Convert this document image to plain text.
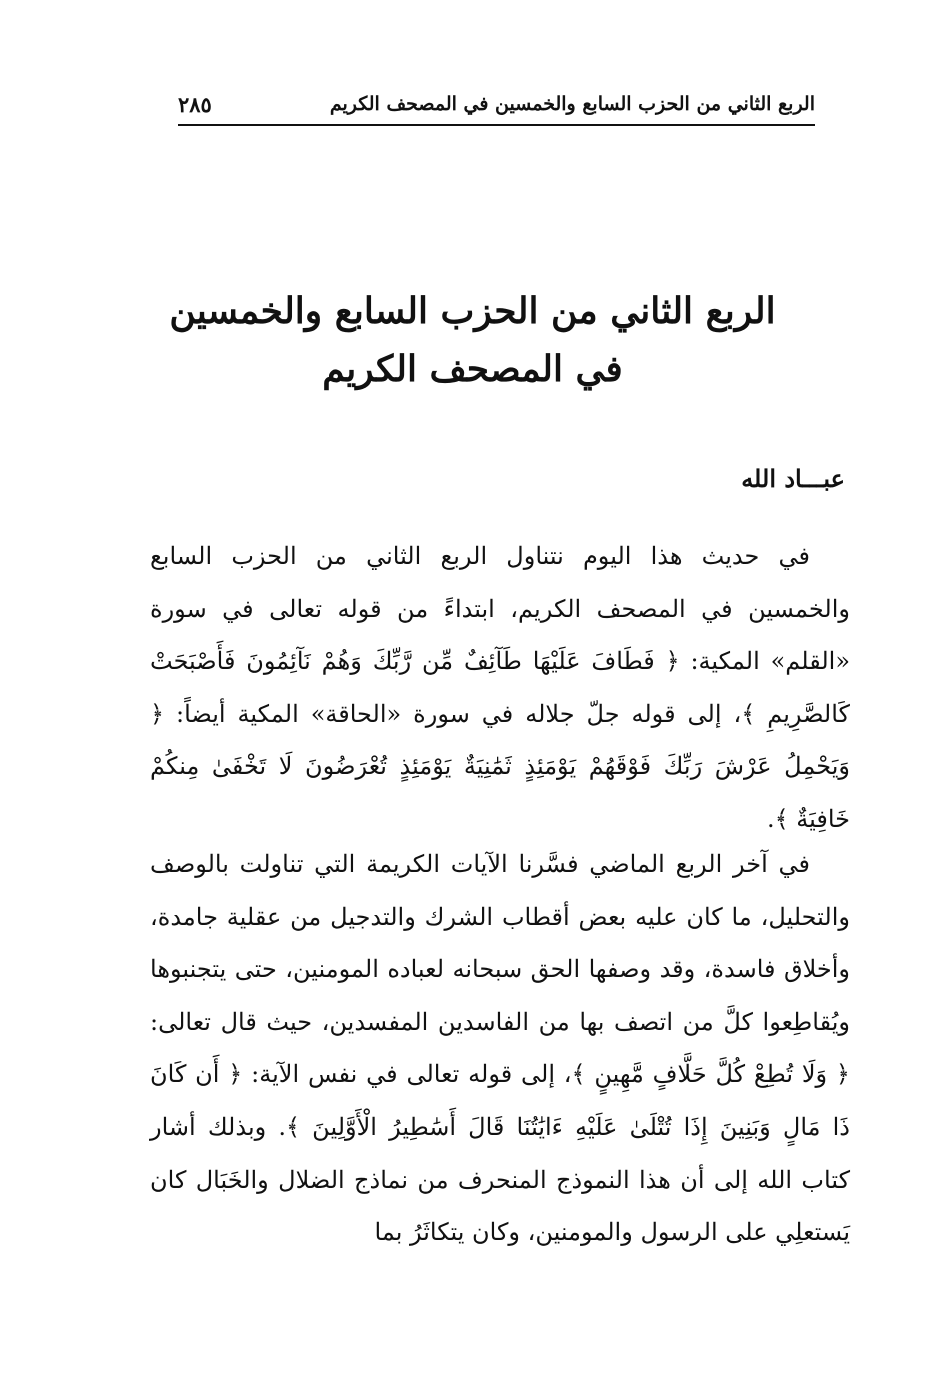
الربع الثاني من الحزب السابع والخمسين في المصحف الكريم
٢٨٥
الربع الثاني من الحزب السابع والخمسين
في المصحف الكريم
عبـــاد الله

في حديث هذا اليوم نتناول الربع الثاني من الحزب السابع والخمسين في المصحف الكريم، ابتداءً من قوله تعالى في سورة «القلم» المكية: ﴿ فَطَافَ عَلَيْهَا طَآئِفٌ مِّن رَّبِّكَ وَهُمْ نَآئِمُونَ فَأَصْبَحَتْ كَالصَّرِيمِ ﴾، إلى قوله جلّ جلاله في سورة «الحاقة» المكية أيضاً: ﴿ وَيَحْمِلُ عَرْشَ رَبِّكَ فَوْقَهُمْ يَوْمَئِذٍ ثَمَٰنِيَةٌ يَوْمَئِذٍ تُعْرَضُونَ لَا تَخْفَىٰ مِنكُمْ خَافِيَةٌ ﴾.

في آخر الربع الماضي فسَّرنا الآيات الكريمة التي تناولت بالوصف والتحليل، ما كان عليه بعض أقطاب الشرك والتدجيل من عقلية جامدة، وأخلاق فاسدة، وقد وصفها الحق سبحانه لعباده المومنين، حتى يتجنبوها ويُقاطِعوا كلَّ من اتصف بها من الفاسدين المفسدين، حيث قال تعالى: ﴿ وَلَا تُطِعْ كُلَّ حَلَّافٍ مَّهِينٍ ﴾، إلى قوله تعالى في نفس الآية: ﴿ أَن كَانَ ذَا مَالٍ وَبَنِينَ إِذَا تُتْلَىٰ عَلَيْهِ ءَايَٰتُنَا قَالَ أَسَٰطِيرُ الْأَوَّلِينَ ﴾. وبذلك أشار كتاب الله إلى أن هذا النموذج المنحرف من نماذج الضلال والخَبَال كان يَستعلِي على الرسول والمومنين، وكان يتكاثَرُ بما
